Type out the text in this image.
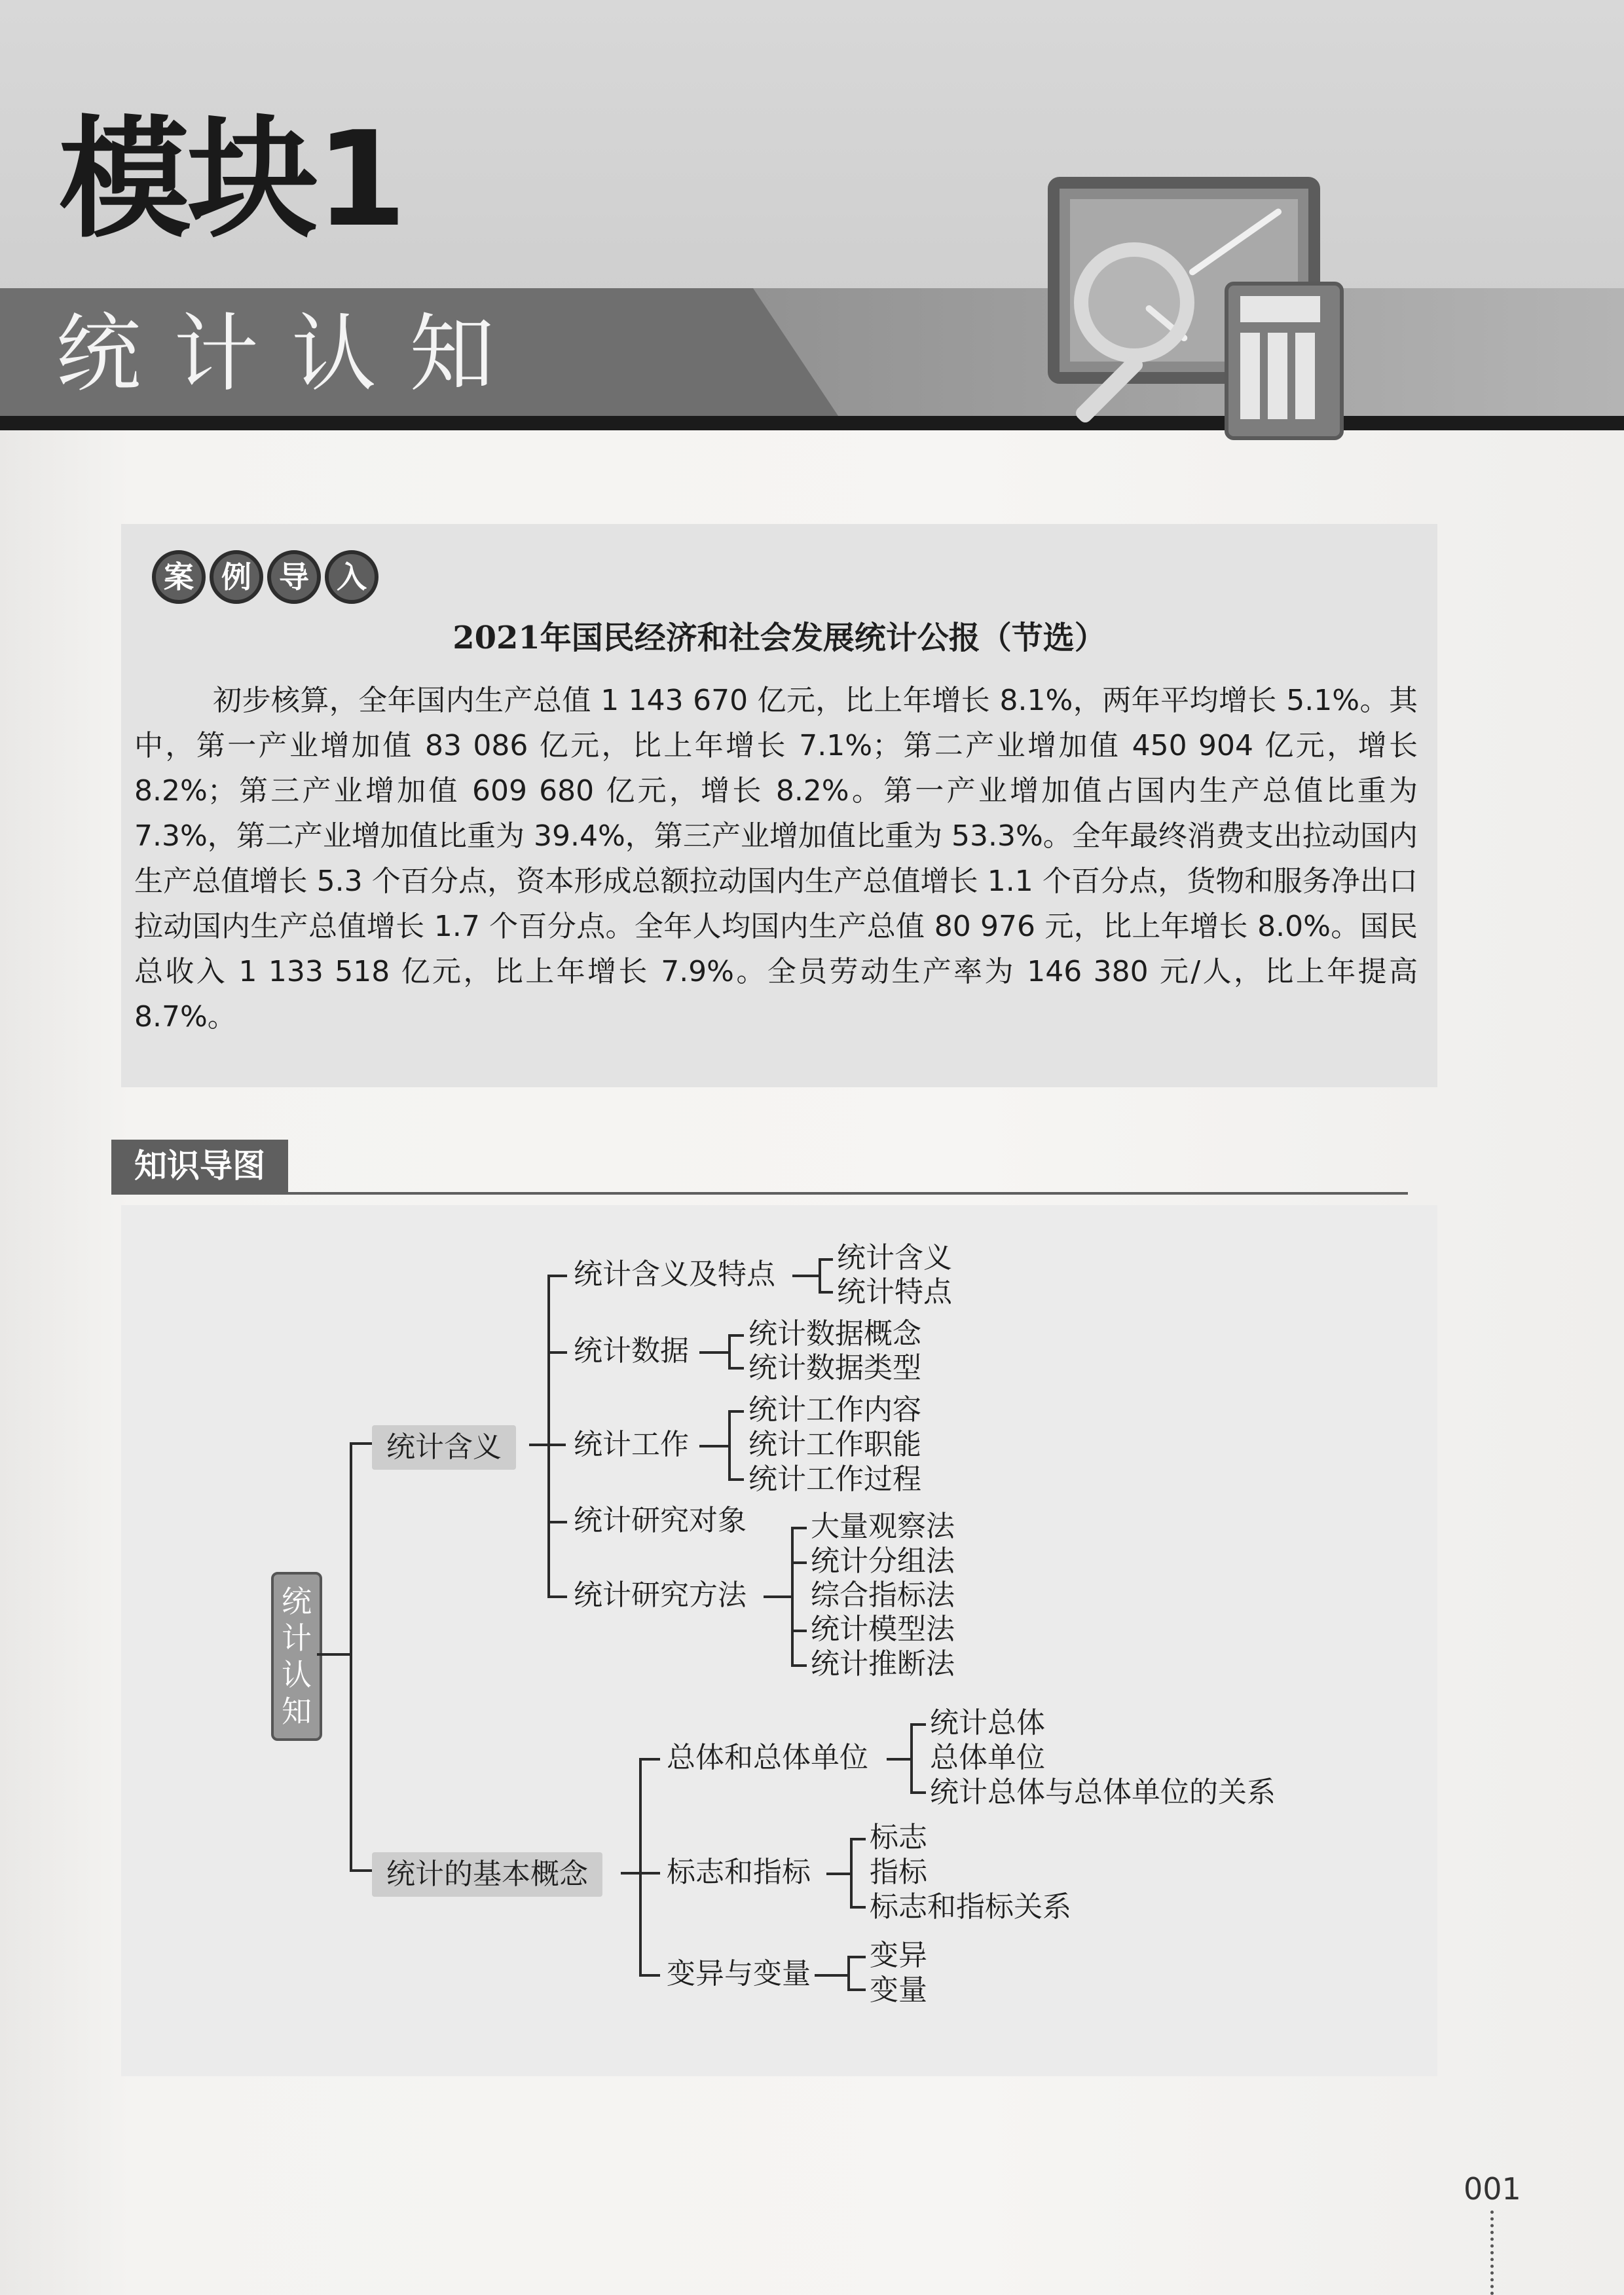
模块1
统计认知
案 例 导 入
2021年国民经济和社会发展统计公报（节选）
初步核算，全年国内生产总值 1 143 670 亿元，比上年增长 8.1%，两年平均增长 5.1%。其中，第一产业增加值 83 086 亿元，比上年增长 7.1%；第二产业增加值 450 904 亿元，增长 8.2%；第三产业增加值 609 680 亿元，增长 8.2%。第一产业增加值占国内生产总值比重为 7.3%，第二产业增加值比重为 39.4%，第三产业增加值比重为 53.3%。全年最终消费支出拉动国内生产总值增长 5.3 个百分点，资本形成总额拉动国内生产总值增长 1.1 个百分点，货物和服务净出口拉动国内生产总值增长 1.7 个百分点。全年人均国内生产总值 80 976 元，比上年增长 8.0%。国民总收入 1 133 518 亿元，比上年增长 7.9%。全员劳动生产率为 146 380 元/人，比上年提高 8.7%。
知识导图
统
计
认
知
统计含义
统计含义及特点 统计含义
统计特点
统计数据
统计数据概念
统计数据类型
统计工作
统计工作内容
统计工作职能
统计工作过程
统计研究对象
统计研究方法
大量观察法
统计分组法
综合指标法
统计模型法
统计推断法
统计的基本概念
总体和总体单位
统计总体
总体单位
统计总体与总体单位的关系
标志和指标
标志
指标
标志和指标关系
变异与变量
变异
变量
001
